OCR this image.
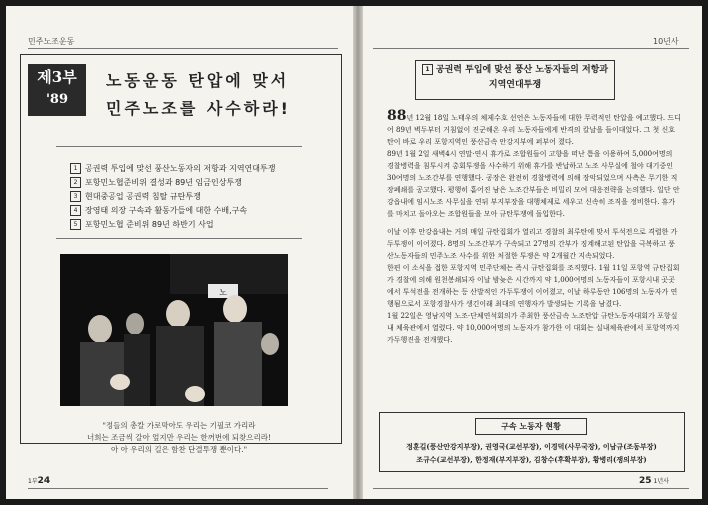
민주노조운동
제3부
'89
노동운동 탄압에 맞서
민주노조를 사수하라!
1 공권력 투입에 맞선 풍산노동자의 저항과 지역연대투쟁
2 포항민노협준비위 결성과 89년 임금인상투쟁
3 현대중공업 공권력 침탈 규탄투쟁
4 장영태 의장 구속과 활동가들에 대한 수배,구속
5 포항민노협 준비위 89년 하반기 사업
노
"정들의 총칼 가로막아도 우리는 기필코 가리라
너희는 조금씩 갈아 엎지만 우리는 한꺼번에 되찾으리라!
아 아 우리의 길은 함찬 단결투쟁 뿐이다."
1부24
10년사
1 공권력 투입에 맞선 풍산 노동자들의 저항과
지역연대투쟁

88년 12월 18일 노태우의 체제수호 선언은 노동자들에 대한 무력적인 탄압을 예고했다. 드디어 89년 벽두부터 거침없이 진군해온 우리 노동자들에게 반격의 칼날을 들이대었다. 그 첫 신호탄이 바로 우리 포항지역인 풍산금속 안강지부에 퍼부어 졌다.

89년 1월 2일 새벽4시 연말·연시 휴가로 조합원들이 고향을 떠난 틈을 이용하여 5,000여명의 경찰병력을 침투시켜 총회투쟁을 사수하기 위해 휴가를 반납하고 노조 사무실에 철야 대기중인 30여명의 노조간부를 연행했다. 공장은 완전히 경찰병력에 의해 장악되었으며 사측은 무기한 직장폐쇄를 공고했다. 평행히 흩어진 남은 노조간부들은 비밀리 모여 대응전략을 논의했다. 일단 안강읍내에 임시노조 사무실을 연뒤 부지부장을 대행체제로 세우고 신속히 조직을 정비한다. 휴가를 마치고 돌아오는 조합원들을 모아 규탄투쟁에 돌입한다.

이날 이후 안강읍내는 거의 매일 규탄집회가 열리고 경찰의 최루탄에 맞서 투석전으로 격렬한 가두투쟁이 이어졌다. 8명의 노조간부가 구속되고 27명의 간부가 징계해고된 탄압을 극복하고 풍산노동자들의 민주노조 사수를 위한 처절한 투쟁은 약 2개월간 지속되었다.

한편 이 소식을 접한 포항지역 민주단체는 즉시 규탄집회를 조직했다. 1월 11일 포항역 규탄집회가 경찰에 의해 원천봉쇄되자 이날 밤늦은 시간까지 약 1,000여명의 노동자들이 포항시내 곳곳에서 투석전을 전개하는 등 산발적인 가두투쟁이 이어졌고, 이날 하루동안 106명의 노동자가 연행됨으로서 포항경찰사가 생긴이래 최대의 연행자가 발생되는 기록을 남겼다.

1월 22일은 영남지역 노조·단체연석회의가 주최한 풍산금속 노조탄압 규탄노동자대회가 포항실내 체육관에서 열렸다. 약 10,000여명의 노동자가 참가한 이 대회는 실내체육관에서 포항역까지 가두행진을 전개했다.

구속 노동자 현황
정훈길(풍산안강지부장), 권영국(교선부장), 이경덕(사무국장), 이남규(조동부장)
조규수(교선부장), 한정재(부지부장), 김창수(후확부장), 황병리(쟁의부장)
25 1년사
